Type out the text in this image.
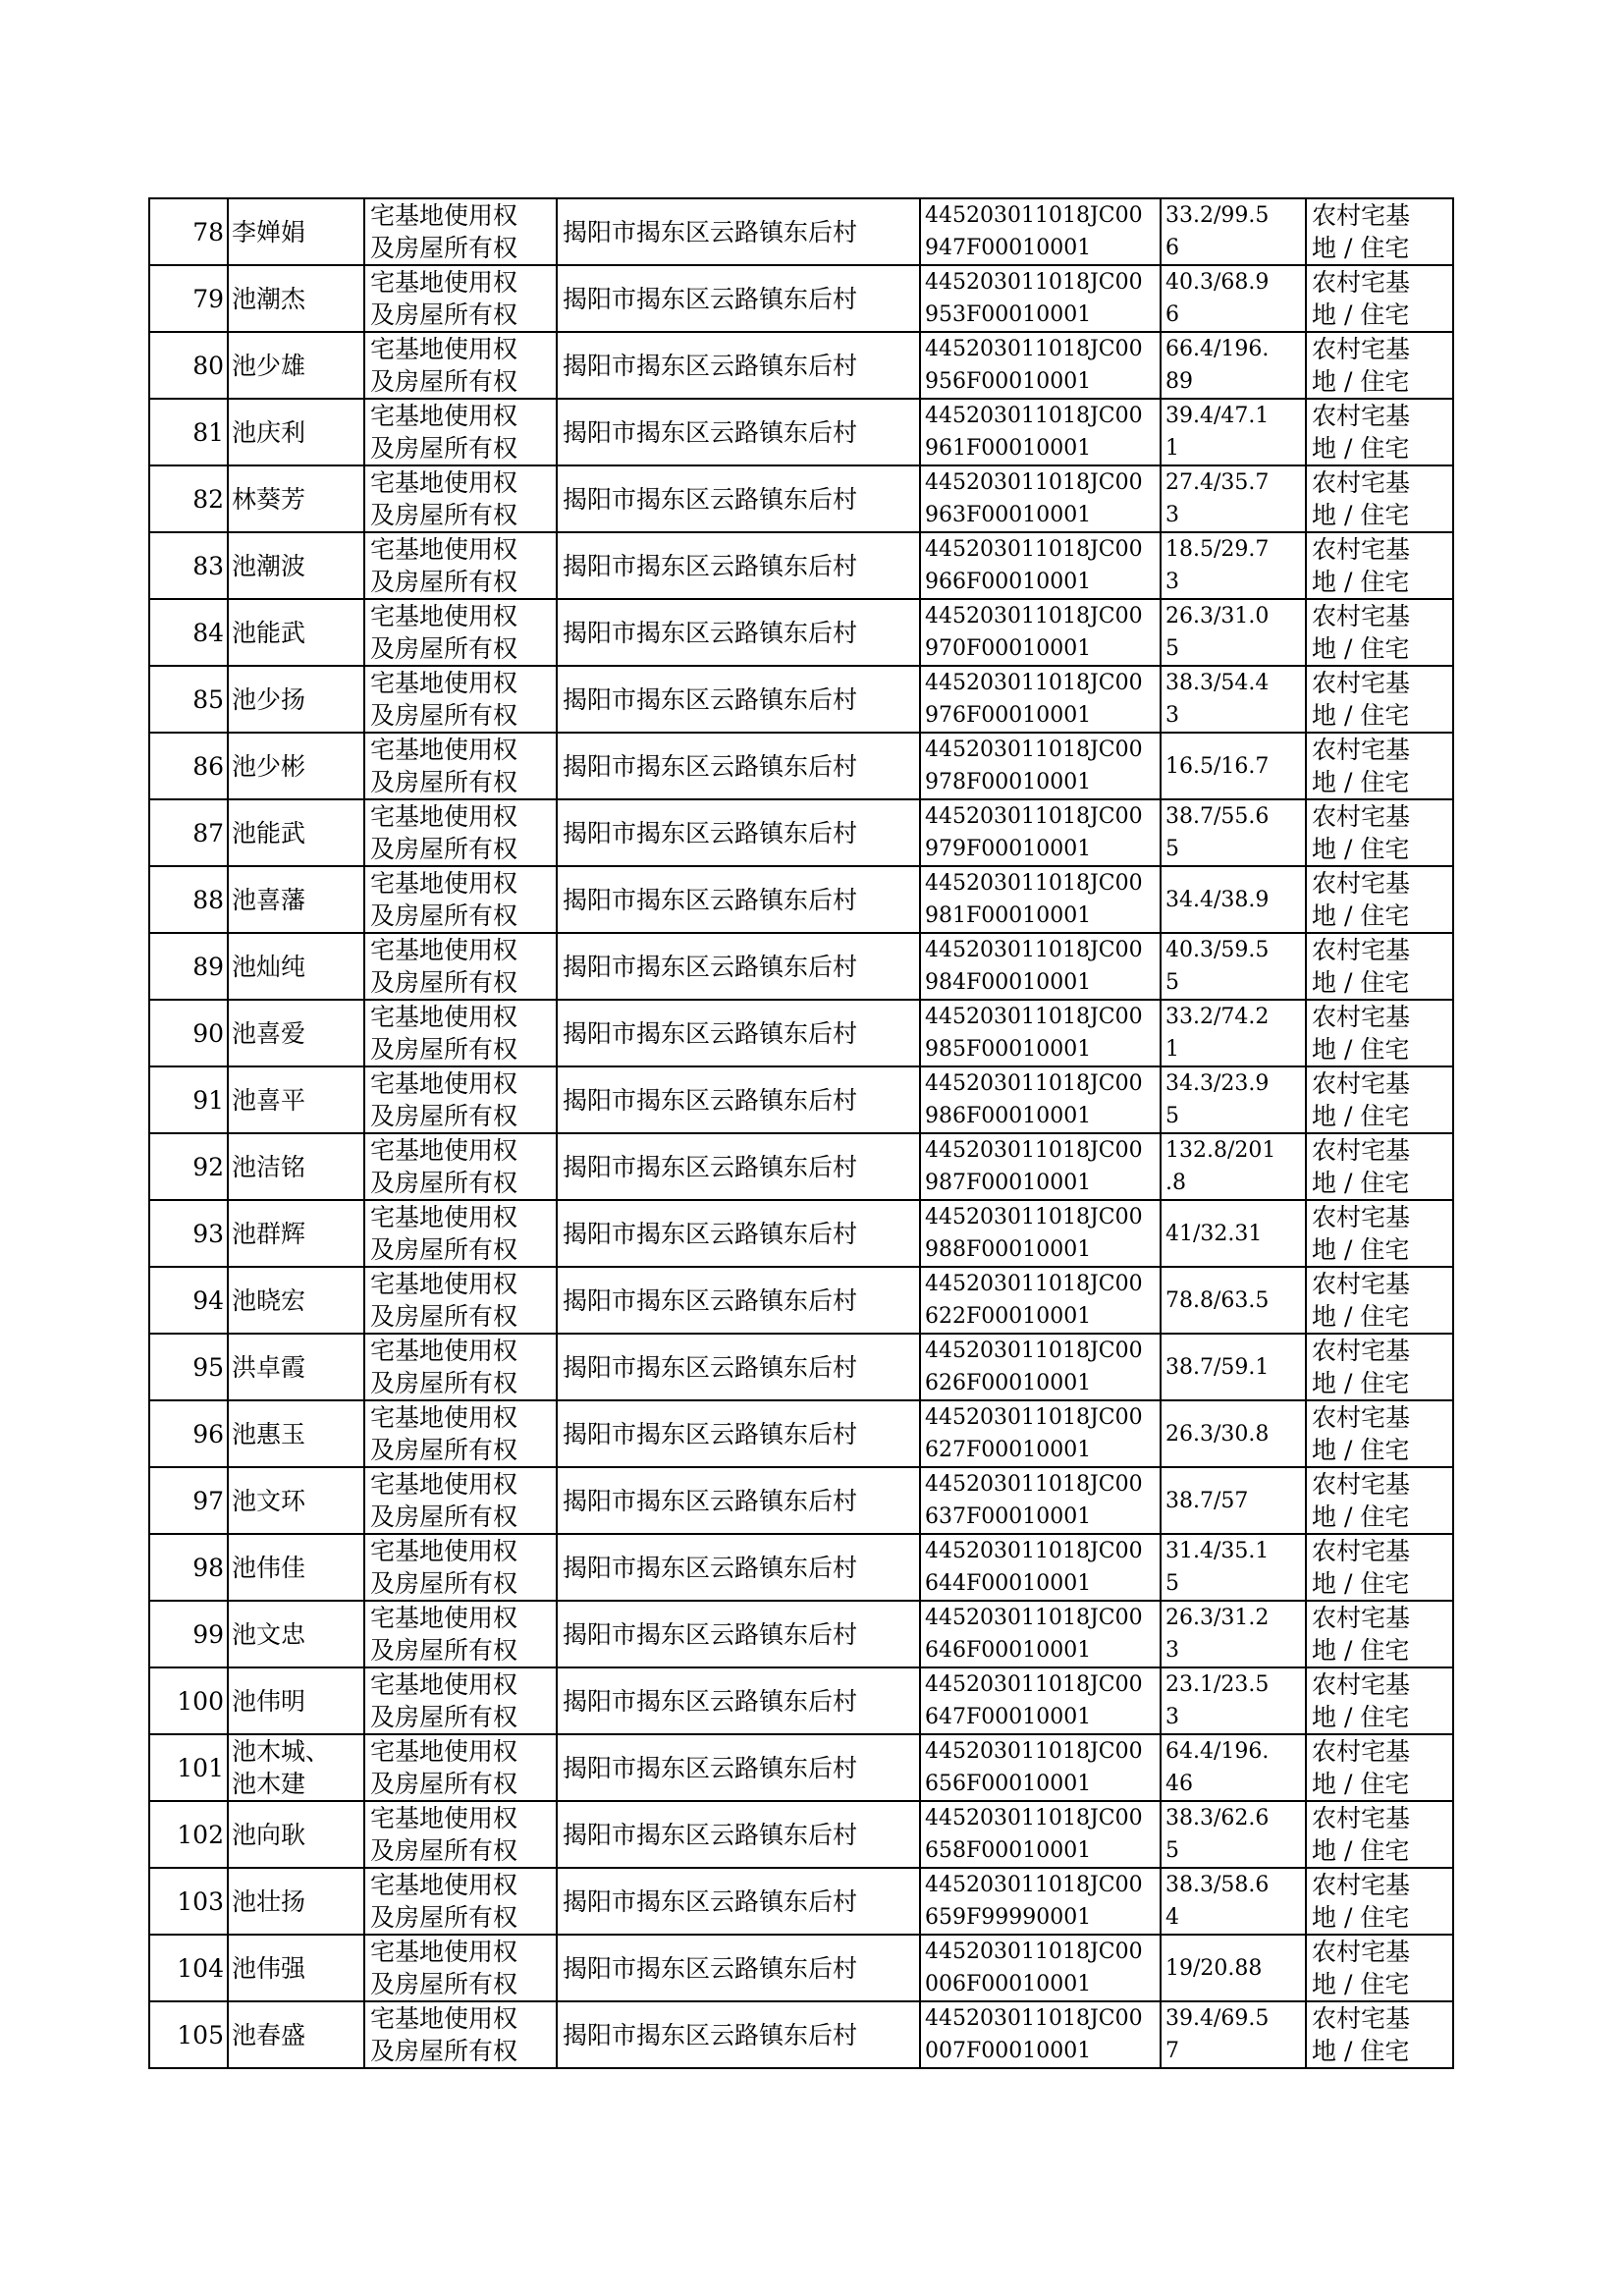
78	李婵娟	宅基地使用权
及房屋所有权	揭阳市揭东区云路镇东后村	445203011018JC00
947F00010001	33.2/99.5
6	农村宅基
地 / 住宅

79	池潮杰	宅基地使用权
及房屋所有权	揭阳市揭东区云路镇东后村	445203011018JC00
953F00010001	40.3/68.9
6	农村宅基
地 / 住宅

80	池少雄	宅基地使用权
及房屋所有权	揭阳市揭东区云路镇东后村	445203011018JC00
956F00010001	66.4/196.
89	农村宅基
地 / 住宅

81	池庆利	宅基地使用权
及房屋所有权	揭阳市揭东区云路镇东后村	445203011018JC00
961F00010001	39.4/47.1
1	农村宅基
地 / 住宅

82	林葵芳	宅基地使用权
及房屋所有权	揭阳市揭东区云路镇东后村	445203011018JC00
963F00010001	27.4/35.7
3	农村宅基
地 / 住宅

83	池潮波	宅基地使用权
及房屋所有权	揭阳市揭东区云路镇东后村	445203011018JC00
966F00010001	18.5/29.7
3	农村宅基
地 / 住宅

84	池能武	宅基地使用权
及房屋所有权	揭阳市揭东区云路镇东后村	445203011018JC00
970F00010001	26.3/31.0
5	农村宅基
地 / 住宅

85	池少扬	宅基地使用权
及房屋所有权	揭阳市揭东区云路镇东后村	445203011018JC00
976F00010001	38.3/54.4
3	农村宅基
地 / 住宅

86	池少彬	宅基地使用权
及房屋所有权	揭阳市揭东区云路镇东后村	445203011018JC00
978F00010001	16.5/16.7	农村宅基
地 / 住宅

87	池能武	宅基地使用权
及房屋所有权	揭阳市揭东区云路镇东后村	445203011018JC00
979F00010001	38.7/55.6
5	农村宅基
地 / 住宅

88	池喜藩	宅基地使用权
及房屋所有权	揭阳市揭东区云路镇东后村	445203011018JC00
981F00010001	34.4/38.9	农村宅基
地 / 住宅

89	池灿纯	宅基地使用权
及房屋所有权	揭阳市揭东区云路镇东后村	445203011018JC00
984F00010001	40.3/59.5
5	农村宅基
地 / 住宅

90	池喜爱	宅基地使用权
及房屋所有权	揭阳市揭东区云路镇东后村	445203011018JC00
985F00010001	33.2/74.2
1	农村宅基
地 / 住宅

91	池喜平	宅基地使用权
及房屋所有权	揭阳市揭东区云路镇东后村	445203011018JC00
986F00010001	34.3/23.9
5	农村宅基
地 / 住宅

92	池洁铭	宅基地使用权
及房屋所有权	揭阳市揭东区云路镇东后村	445203011018JC00
987F00010001	132.8/201
.8	农村宅基
地 / 住宅

93	池群辉	宅基地使用权
及房屋所有权	揭阳市揭东区云路镇东后村	445203011018JC00
988F00010001	41/32.31	农村宅基
地 / 住宅

94	池晓宏	宅基地使用权
及房屋所有权	揭阳市揭东区云路镇东后村	445203011018JC00
622F00010001	78.8/63.5	农村宅基
地 / 住宅

95	洪卓霞	宅基地使用权
及房屋所有权	揭阳市揭东区云路镇东后村	445203011018JC00
626F00010001	38.7/59.1	农村宅基
地 / 住宅

96	池惠玉	宅基地使用权
及房屋所有权	揭阳市揭东区云路镇东后村	445203011018JC00
627F00010001	26.3/30.8	农村宅基
地 / 住宅

97	池文环	宅基地使用权
及房屋所有权	揭阳市揭东区云路镇东后村	445203011018JC00
637F00010001	38.7/57	农村宅基
地 / 住宅

98	池伟佳	宅基地使用权
及房屋所有权	揭阳市揭东区云路镇东后村	445203011018JC00
644F00010001	31.4/35.1
5	农村宅基
地 / 住宅

99	池文忠	宅基地使用权
及房屋所有权	揭阳市揭东区云路镇东后村	445203011018JC00
646F00010001	26.3/31.2
3	农村宅基
地 / 住宅

100	池伟明	宅基地使用权
及房屋所有权	揭阳市揭东区云路镇东后村	445203011018JC00
647F00010001	23.1/23.5
3	农村宅基
地 / 住宅

101	池木城、
池木建	宅基地使用权
及房屋所有权	揭阳市揭东区云路镇东后村	445203011018JC00
656F00010001	64.4/196.
46	农村宅基
地 / 住宅

102	池向耿	宅基地使用权
及房屋所有权	揭阳市揭东区云路镇东后村	445203011018JC00
658F00010001	38.3/62.6
5	农村宅基
地 / 住宅

103	池壮扬	宅基地使用权
及房屋所有权	揭阳市揭东区云路镇东后村	445203011018JC00
659F99990001	38.3/58.6
4	农村宅基
地 / 住宅

104	池伟强	宅基地使用权
及房屋所有权	揭阳市揭东区云路镇东后村	445203011018JC00
006F00010001	19/20.88	农村宅基
地 / 住宅

105	池春盛	宅基地使用权
及房屋所有权	揭阳市揭东区云路镇东后村	445203011018JC00
007F00010001	39.4/69.5
7	农村宅基
地 / 住宅
